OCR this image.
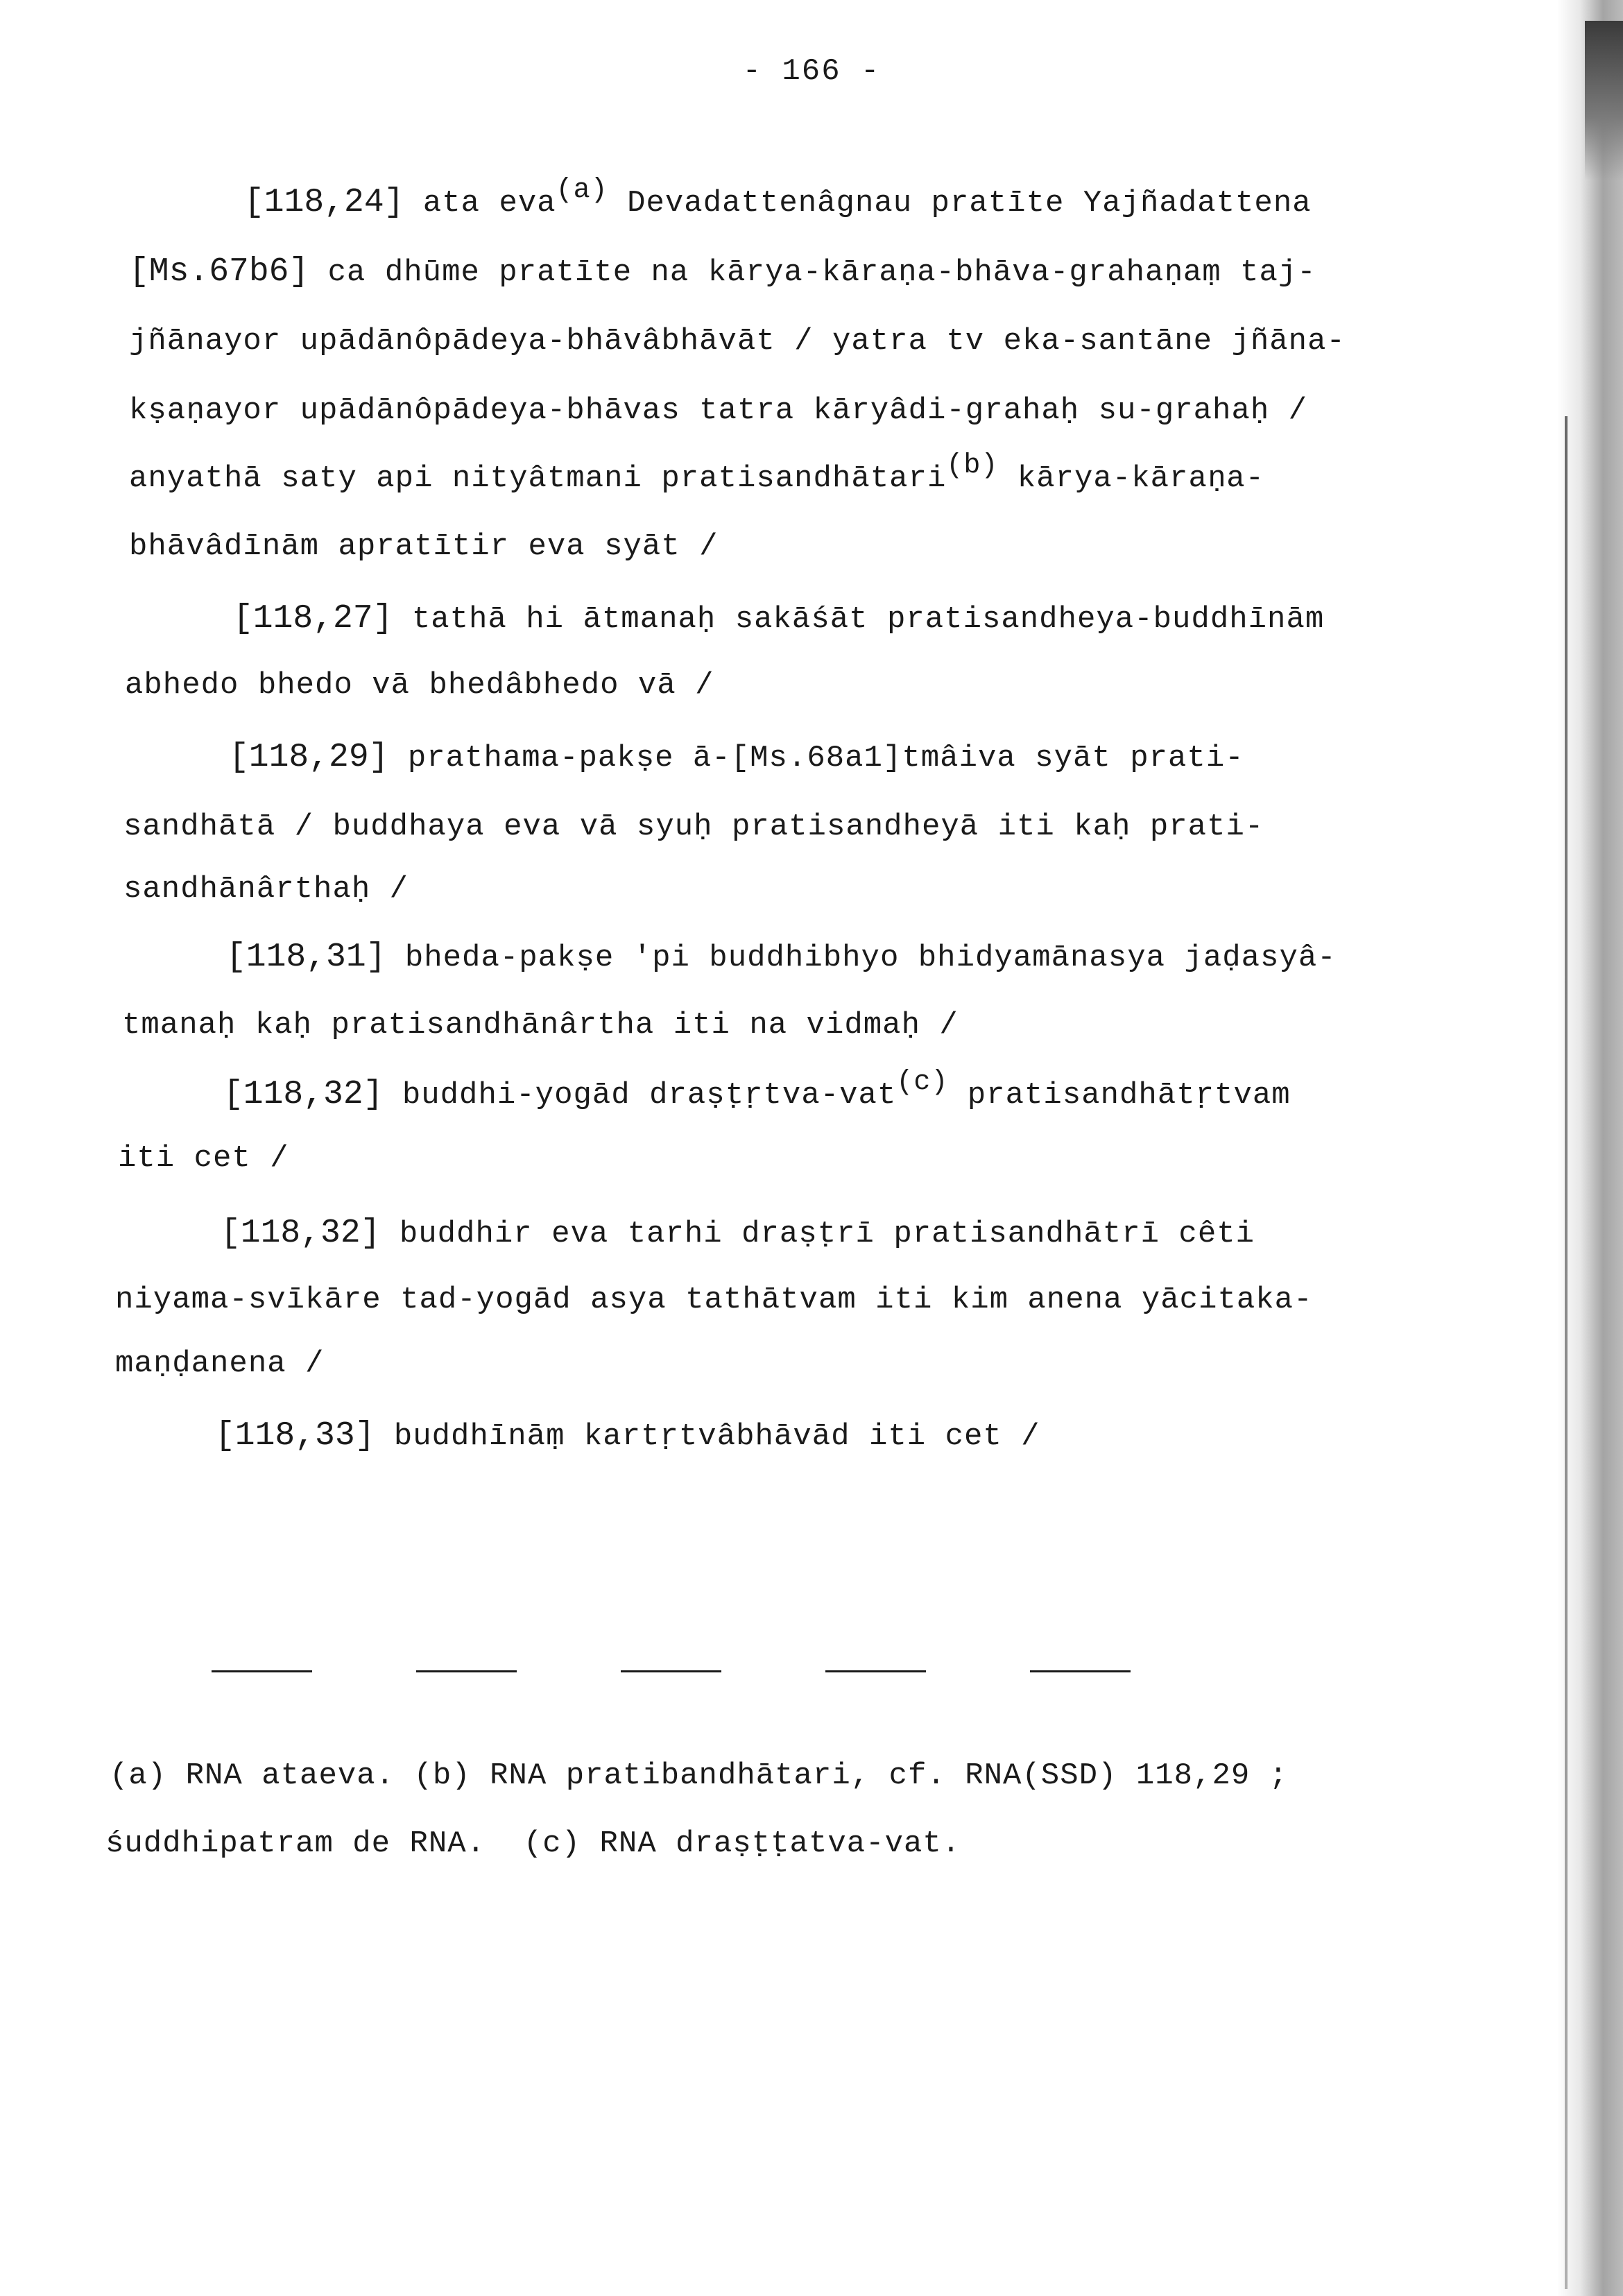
- 166 -
[118,24] ata eva(a) Devadattenâgnau pratīte Yajñadattena
[Ms.67b6] ca dhūme pratīte na kārya-kāraṇa-bhāva-grahaṇaṃ taj-
jñānayor upādānôpādeya-bhāvâbhāvāt / yatra tv eka-santāne jñāna-
kṣaṇayor upādānôpādeya-bhāvas tatra kāryâdi-grahaḥ su-grahaḥ /
anyathā saty api nityâtmani pratisandhātari(b) kārya-kāraṇa-
bhāvâdīnām apratītir eva syāt /
[118,27] tathā hi ātmanaḥ sakāśāt pratisandheya-buddhīnām
abhedo bhedo vā bhedâbhedo vā /
[118,29] prathama-pakṣe ā-[Ms.68a1]tmâiva syāt prati-
sandhātā / buddhaya eva vā syuḥ pratisandheyā iti kaḥ prati-
sandhānârthaḥ /
[118,31] bheda-pakṣe 'pi buddhibhyo bhidyamānasya jaḍasyâ-
tmanaḥ kaḥ pratisandhānârtha iti na vidmaḥ /
[118,32] buddhi-yogād draṣṭṛtva-vat(c) pratisandhātṛtvam
iti cet /
[118,32] buddhir eva tarhi draṣṭrī pratisandhātrī cêti
niyama-svīkāre tad-yogād asya tathātvam iti kim anena yācitaka-
maṇḍanena /
[118,33] buddhīnāṃ kartṛtvâbhāvād iti cet /
(a) RNA ataeva. (b) RNA pratibandhātari, cf. RNA(SSD) 118,29 ;
śuddhipatram de RNA.  (c) RNA draṣṭṭatva-vat.
